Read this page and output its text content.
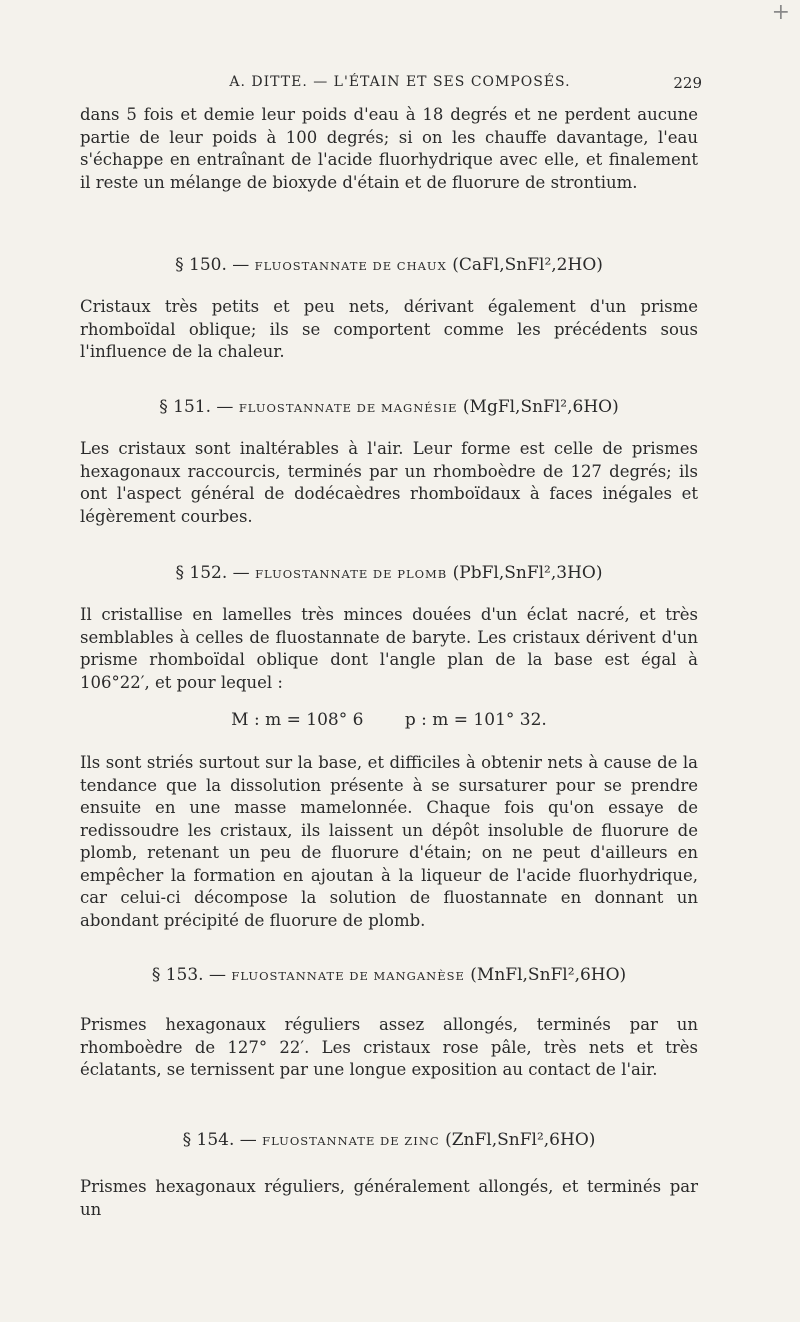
+
A. DITTE. — L'ÉTAIN ET SES COMPOSÉS.	229

dans 5 fois et demie leur poids d'eau à 18 degrés et ne perdent aucune partie de leur poids à 100 degrés; si on les chauffe davantage, l'eau s'échappe en entraînant de l'acide fluorhydrique avec elle, et finalement il reste un mélange de bioxyde d'étain et de fluorure de strontium.

§ 150. — FLUOSTANNATE DE CHAUX (CaFl,SnFl²,2HO)

Cristaux très petits et peu nets, dérivant également d'un prisme rhomboïdal oblique; ils se comportent comme les précédents sous l'influence de la chaleur.

§ 151. — FLUOSTANNATE DE MAGNÉSIE (MgFl,SnFl²,6HO)

Les cristaux sont inaltérables à l'air. Leur forme est celle de prismes hexagonaux raccourcis, terminés par un rhomboèdre de 127 degrés; ils ont l'aspect général de dodécaèdres rhomboïdaux à faces inégales et légèrement courbes.

§ 152. — FLUOSTANNATE DE PLOMB (PbFl,SnFl²,3HO)

Il cristallise en lamelles très minces douées d'un éclat nacré, et très semblables à celles de fluostannate de baryte. Les cristaux dérivent d'un prisme rhomboïdal oblique dont l'angle plan de la base est égal à 106°22′, et pour lequel :

M : m = 108° 6 p : m = 101° 32.

Ils sont striés surtout sur la base, et difficiles à obtenir nets à cause de la tendance que la dissolution présente à se sursaturer pour se prendre ensuite en une masse mamelonnée. Chaque fois qu'on essaye de redissoudre les cristaux, ils laissent un dépôt insoluble de fluorure de plomb, retenant un peu de fluorure d'étain; on ne peut d'ailleurs en empêcher la formation en ajoutan à la liqueur de l'acide fluorhydrique, car celui-ci décompose la solution de fluostannate en donnant un abondant précipité de fluorure de plomb.

§ 153. — FLUOSTANNATE DE MANGANÈSE (MnFl,SnFl²,6HO)

Prismes hexagonaux réguliers assez allongés, terminés par un rhomboèdre de 127° 22′. Les cristaux rose pâle, très nets et très éclatants, se ternissent par une longue exposition au contact de l'air.

§ 154. — FLUOSTANNATE DE ZINC (ZnFl,SnFl²,6HO)

Prismes hexagonaux réguliers, généralement allongés, et terminés par un
